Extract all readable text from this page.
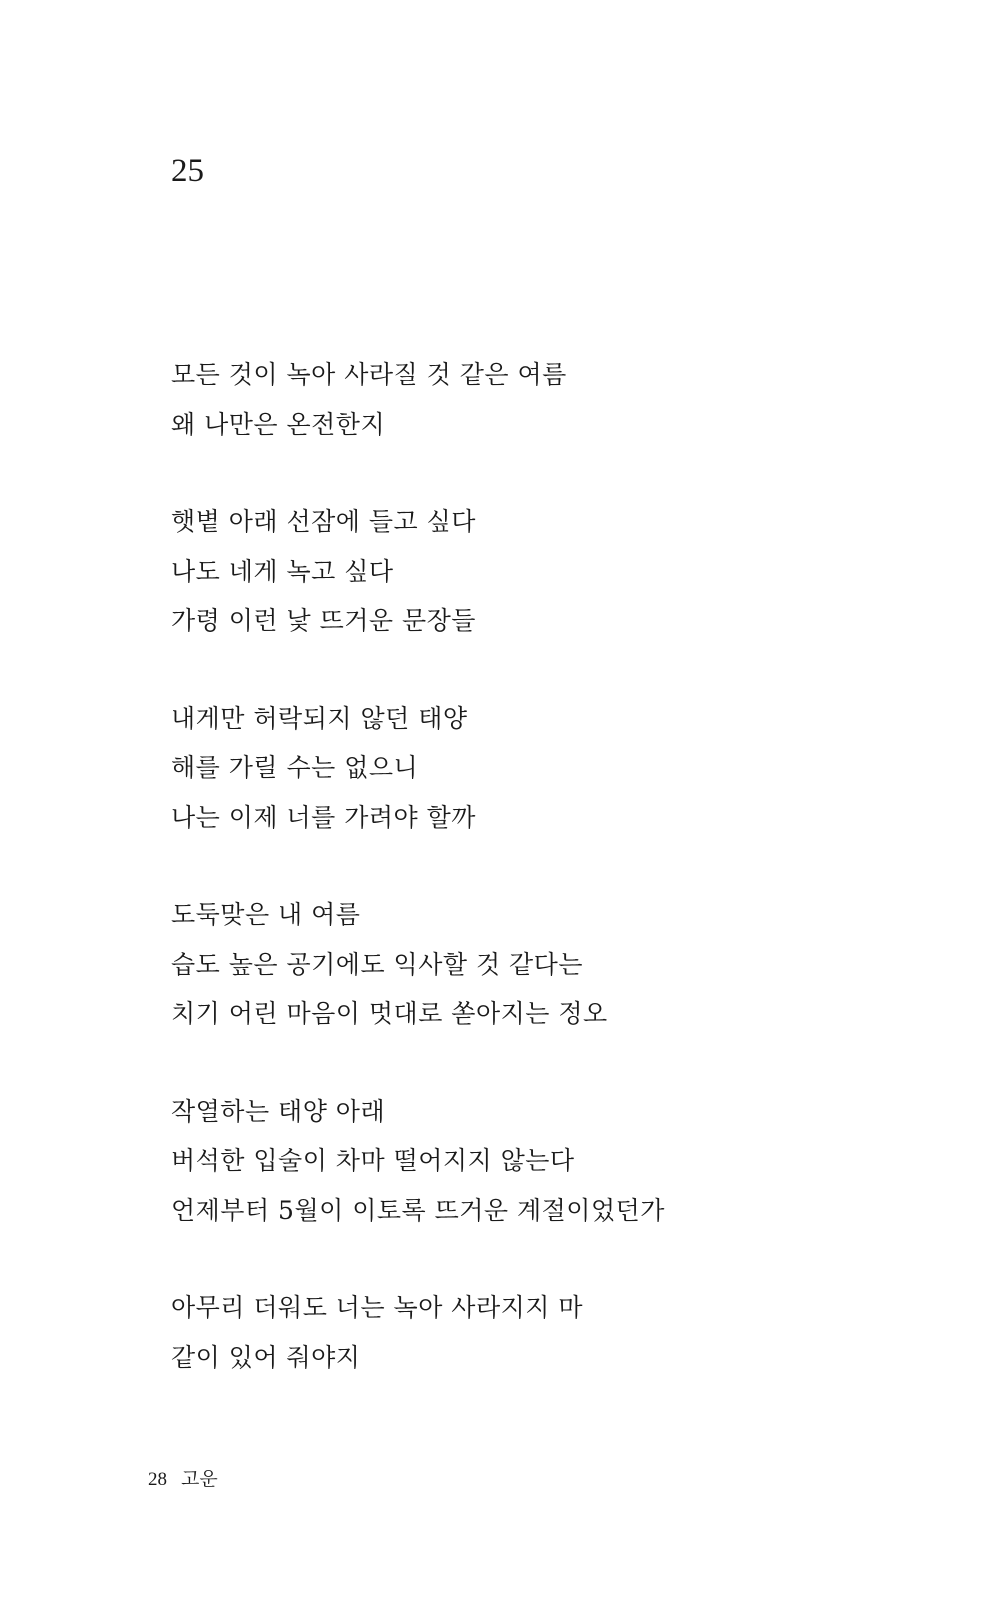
25
모든 것이 녹아 사라질 것 같은 여름
왜 나만은 온전한지
햇볕 아래 선잠에 들고 싶다
나도 네게 녹고 싶다
가령 이런 낯 뜨거운 문장들
내게만 허락되지 않던 태양
해를 가릴 수는 없으니
나는 이제 너를 가려야 할까
도둑맞은 내 여름
습도 높은 공기에도 익사할 것 같다는
치기 어린 마음이 멋대로 쏟아지는 정오
작열하는 태양 아래
버석한 입술이 차마 떨어지지 않는다
언제부터 5월이 이토록 뜨거운 계절이었던가
아무리 더워도 너는 녹아 사라지지 마
같이 있어 줘야지
28 고운
